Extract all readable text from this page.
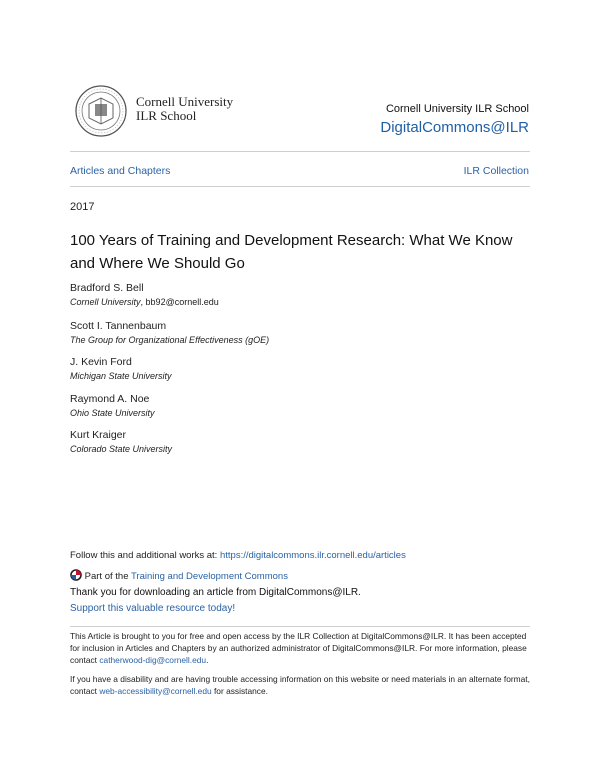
Cornell University
ILR School	Cornell University ILR School
DigitalCommons@ILR
Articles and Chapters	ILR Collection
2017
100 Years of Training and Development Research: What We Know and Where We Should Go
Bradford S. Bell
Cornell University, bb92@cornell.edu
Scott I. Tannenbaum
The Group for Organizational Effectiveness (gOE)
J. Kevin Ford
Michigan State University
Raymond A. Noe
Ohio State University
Kurt Kraiger
Colorado State University
Follow this and additional works at: https://digitalcommons.ilr.cornell.edu/articles
Part of the Training and Development Commons
Thank you for downloading an article from DigitalCommons@ILR.
Support this valuable resource today!
This Article is brought to you for free and open access by the ILR Collection at DigitalCommons@ILR. It has been accepted for inclusion in Articles and Chapters by an authorized administrator of DigitalCommons@ILR. For more information, please contact catherwood-dig@cornell.edu.
If you have a disability and are having trouble accessing information on this website or need materials in an alternate format, contact web-accessibility@cornell.edu for assistance.
